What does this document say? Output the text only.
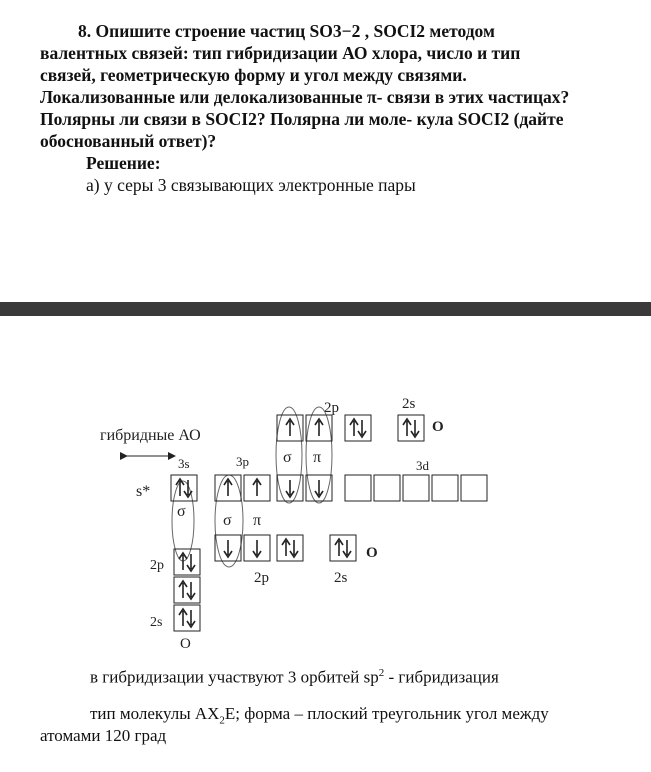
8. Опишите строение частиц SO3−2 , SOCI2 методом
валентных связей: тип гибридизации АО хлора, число и тип
связей, геометрическую форму и угол между связями.
Локализованные или делокализованные π- связи в этих частицах?
Полярны ли связи в SOCI2? Полярна ли моле- кула SOCI2 (дайте
обоснованный ответ)?
Решение:
а) у серы 3 связывающих электронные пары
гибридные АО
s*
3s	3p	3d
2p	2s
O
2p	2s
O
2p
2s
O
σ π
σ
σ π
в гибридизации участвуют 3 орбитей $sp^2$ - гибридизация
тип молекулы $AX_2E$; форма – плоский треугольник угол между
атомами 120 град
